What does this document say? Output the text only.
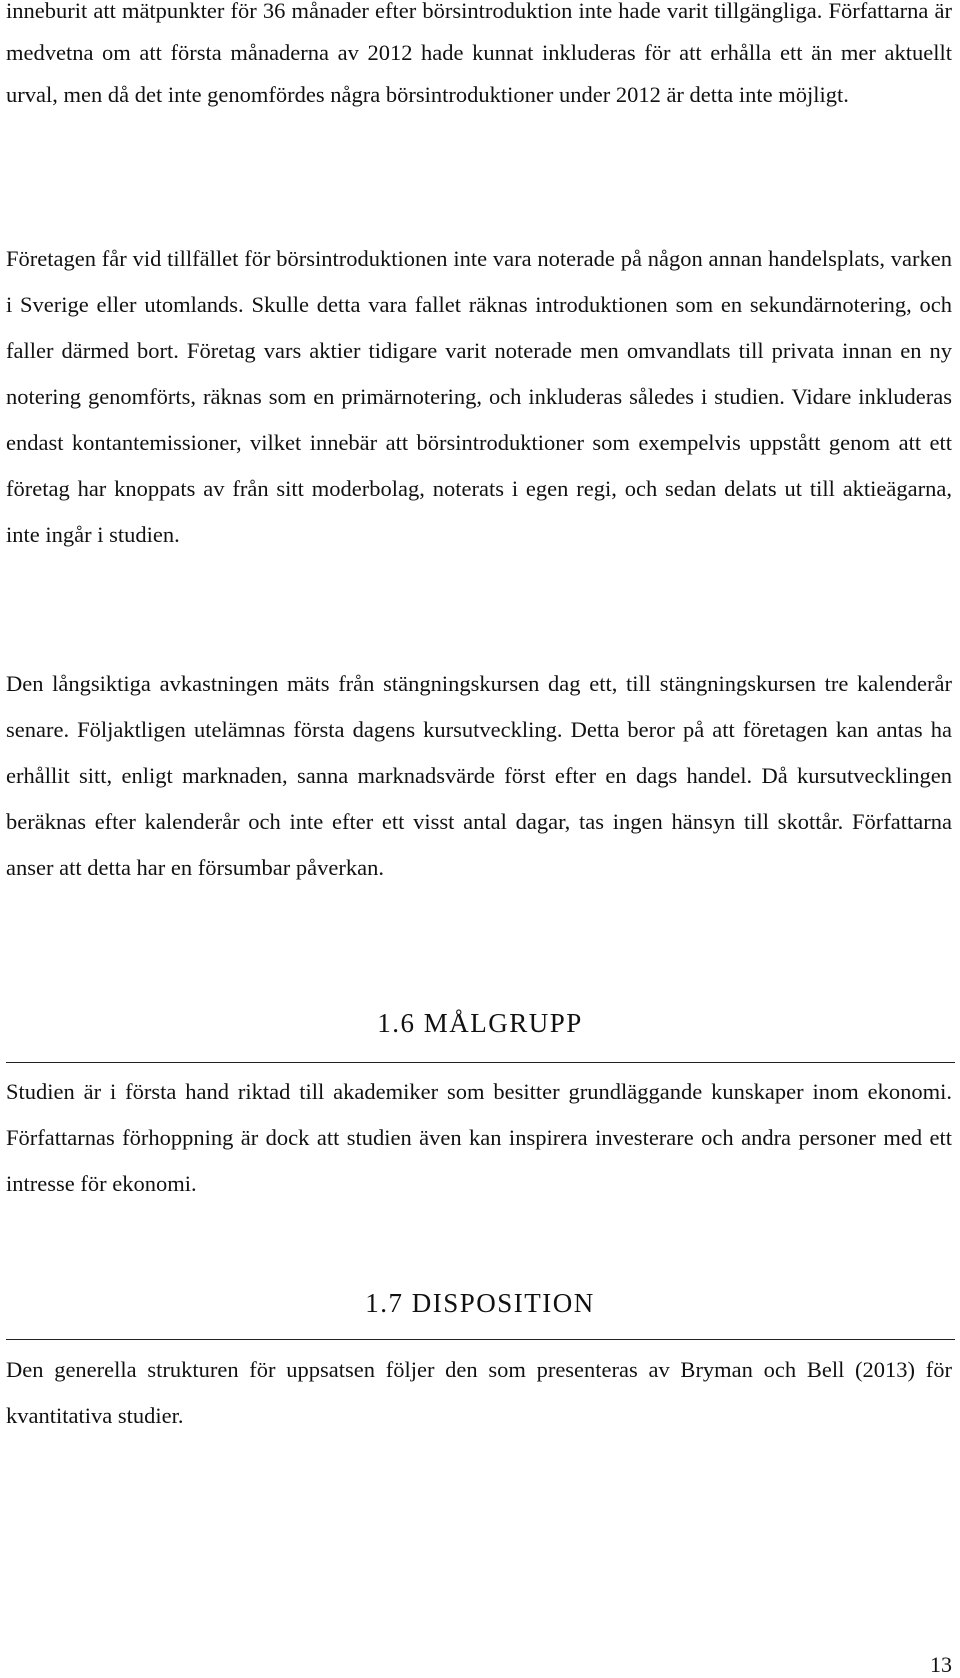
inneburit att mätpunkter för 36 månader efter börsintroduktion inte hade varit tillgängliga. Författarna är medvetna om att första månaderna av 2012 hade kunnat inkluderas för att erhålla ett än mer aktuellt urval, men då det inte genomfördes några börsintroduktioner under 2012 är detta inte möjligt.

Företagen får vid tillfället för börsintroduktionen inte vara noterade på någon annan handelsplats, varken i Sverige eller utomlands. Skulle detta vara fallet räknas introduktionen som en sekundärnotering, och faller därmed bort. Företag vars aktier tidigare varit noterade men omvandlats till privata innan en ny notering genomförts, räknas som en primärnotering, och inkluderas således i studien. Vidare inkluderas endast kontantemissioner, vilket innebär att börsintroduktioner som exempelvis uppstått genom att ett företag har knoppats av från sitt moderbolag, noterats i egen regi, och sedan delats ut till aktieägarna, inte ingår i studien.

Den långsiktiga avkastningen mäts från stängningskursen dag ett, till stängningskursen tre kalenderår senare. Följaktligen utelämnas första dagens kursutveckling. Detta beror på att företagen kan antas ha erhållit sitt, enligt marknaden, sanna marknadsvärde först efter en dags handel. Då kursutvecklingen beräknas efter kalenderår och inte efter ett visst antal dagar, tas ingen hänsyn till skottår. Författarna anser att detta har en försumbar påverkan.

1.6 MÅLGRUPP

Studien är i första hand riktad till akademiker som besitter grundläggande kunskaper inom ekonomi. Författarnas förhoppning är dock att studien även kan inspirera investerare och andra personer med ett intresse för ekonomi.

1.7 DISPOSITION

Den generella strukturen för uppsatsen följer den som presenteras av Bryman och Bell (2013) för kvantitativa studier.

13
